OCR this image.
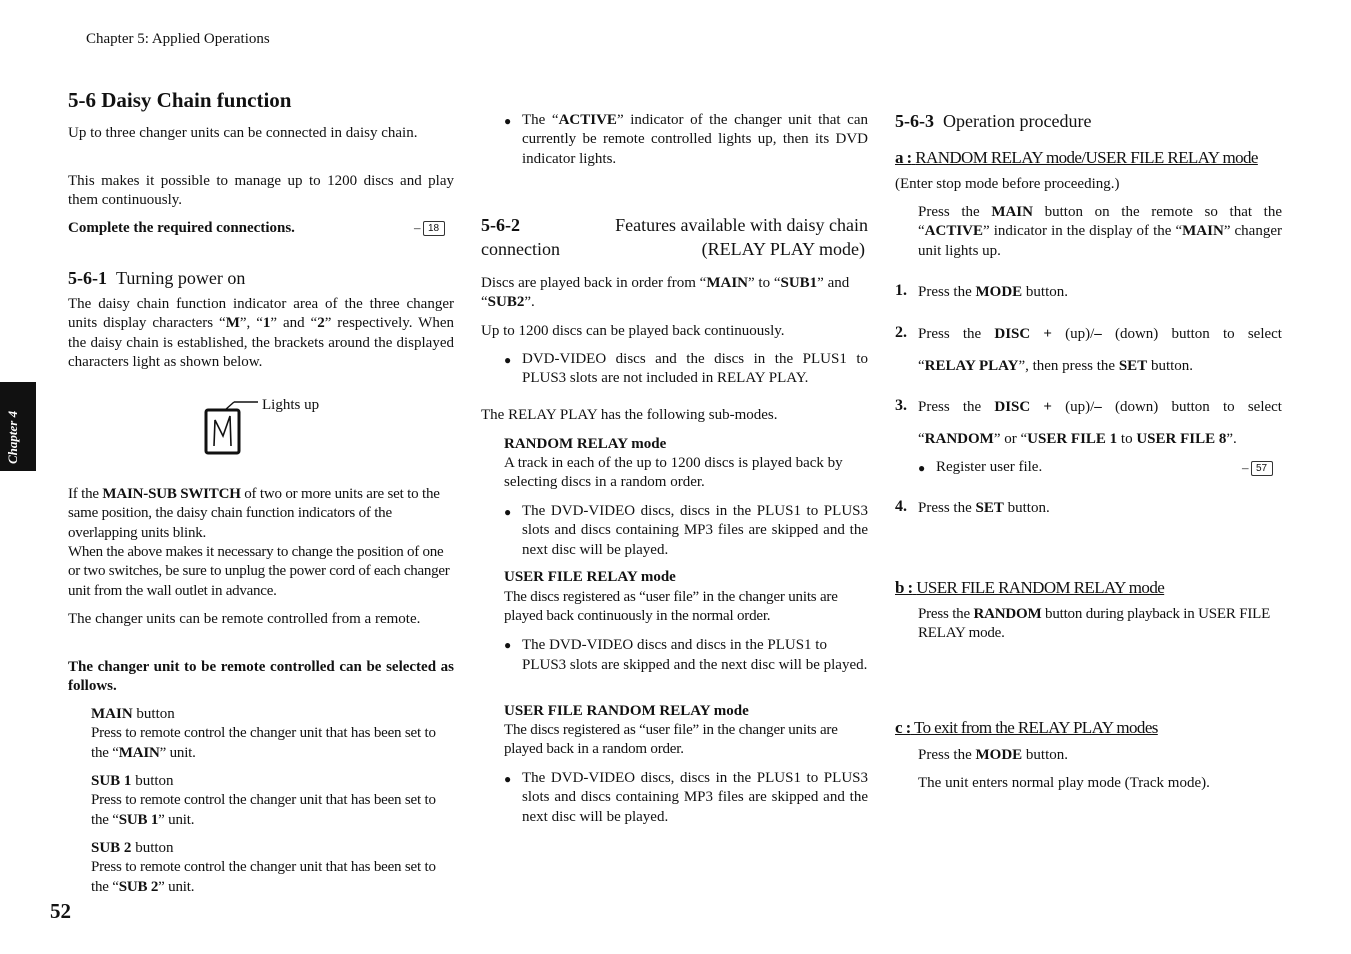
Chapter 5: Applied Operations
Chapter 4
52
5-6 Daisy Chain function

Up to three changer units can be connected in daisy chain.

This makes it possible to manage up to 1200 discs and play them continuously.

Complete the required connections.	– 18
5-6-1 Turning power on

The daisy chain function indicator area of the three changer units display characters “M”, “1” and “2” respectively. When the daisy chain is established, the brackets around the displayed characters light as shown below.

Lights up

If the MAIN-SUB SWITCH of two or more units are set to the same position, the daisy chain function indicators of the overlapping units blink.

When the above makes it necessary to change the position of one or two switches, be sure to unplug the power cord of each changer unit from the wall outlet in advance.

The changer units can be remote controlled from a remote.

The changer unit to be remote controlled can be selected as follows.

MAIN button
Press to remote control the changer unit that has been set to the “MAIN” unit.
SUB 1 button
Press to remote control the changer unit that has been set to the “SUB 1” unit.
SUB 2 button
Press to remote control the changer unit that has been set to the “SUB 2” unit.
● The “ACTIVE” indicator of the changer unit that can currently be remote controlled lights up, then its DVD indicator lights.

5-6-2	Features available with daisy chain
connection	(RELAY PLAY mode)

Discs are played back in order from “MAIN” to “SUB1” and “SUB2”.

Up to 1200 discs can be played back continuously.

● DVD-VIDEO discs and the discs in the PLUS1 to PLUS3 slots are not included in RELAY PLAY.

The RELAY PLAY has the following sub-modes.

RANDOM RELAY mode

A track in each of the up to 1200 discs is played back by selecting discs in a random order.

● The DVD-VIDEO discs, discs in the PLUS1 to PLUS3 slots and discs containing MP3 files are skipped and the next disc will be played.

USER FILE RELAY mode

The discs registered as “user file” in the changer units are played back continuously in the normal order.

● The DVD-VIDEO discs and discs in the PLUS1 to PLUS3 slots are skipped and the next disc will be played.

USER FILE RANDOM RELAY mode

The discs registered as “user file” in the changer units are played back in a random order.

● The DVD-VIDEO discs, discs in the PLUS1 to PLUS3 slots and discs containing MP3 files are skipped and the next disc will be played.

5-6-3 Operation procedure
a : RANDOM RELAY mode/USER FILE RELAY mode

(Enter stop mode before proceeding.)

Press the MAIN button on the remote so that the “ACTIVE” indicator in the display of the “MAIN” changer unit lights up.

1. Press the MODE button.

2. Press the DISC + (up)/– (down) button to select

“RELAY PLAY”, then press the SET button.

3. Press the DISC + (up)/– (down) button to select

“RANDOM” or “USER FILE 1 to USER FILE 8”.

● Register user file.	– 57
4. Press the SET button.

b : USER FILE RANDOM RELAY mode

Press the RANDOM button during playback in USER FILE RELAY mode.

c : To exit from the RELAY PLAY modes

Press the MODE button.

The unit enters normal play mode (Track mode).
